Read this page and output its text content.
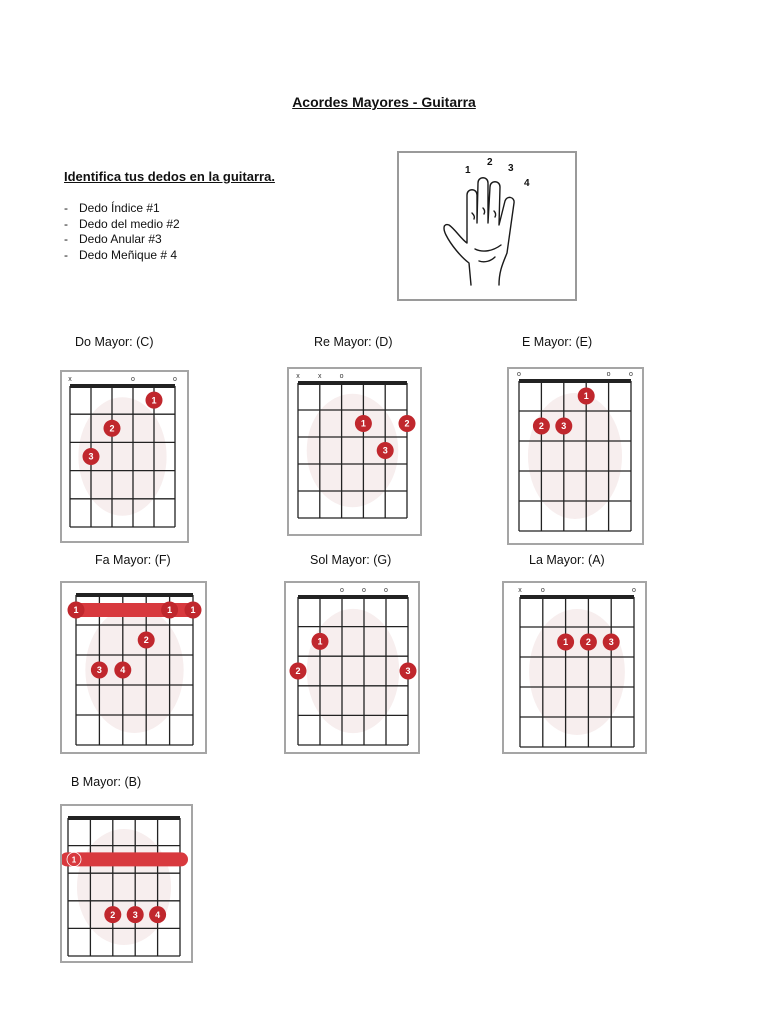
Acordes Mayores - Guitarra
Identifica tus dedos en la guitarra.
- Dedo Índice #1
- Dedo del medio #2
- Dedo Anular #3
- Dedo Meñique # 4
1
2
3
4
Do Mayor: (C)
x	o	o
1
2
3
Re Mayor: (D)
x	x	o
1	2
3
E Mayor: (E)
o	o	o
1
2 3
Fa Mayor: (F)
1	1 1
2
3 4
Sol Mayor: (G)
o	o	o
1
2	3
La Mayor: (A)
x	o	o
1 2 3
B Mayor: (B)
1
2 3 4
